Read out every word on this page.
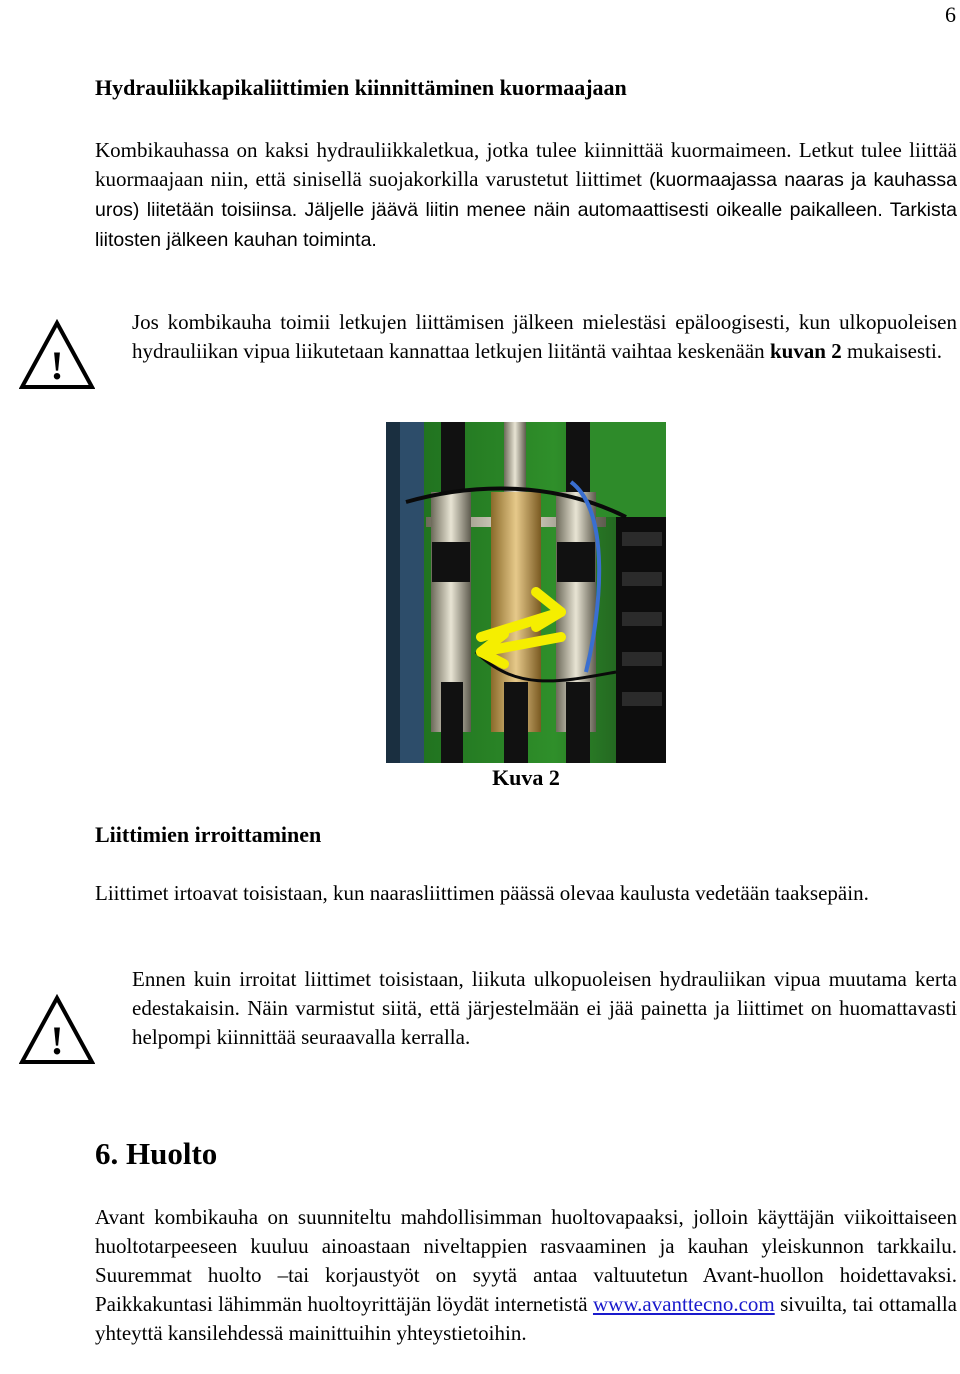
6
Hydrauliikkapikaliittimien kiinnittäminen kuormaajaan
Kombikauhassa on kaksi hydrauliikkaletkua, jotka tulee kiinnittää kuormaimeen. Letkut tulee liittää kuormaajaan niin, että sinisellä suojakorkilla varustetut liittimet (kuormaajassa naaras ja kauhassa uros) liitetään toisiinsa. Jäljelle jäävä liitin menee näin automaattisesti oikealle paikalleen. Tarkista liitosten jälkeen kauhan toiminta.
!
Jos kombikauha toimii letkujen liittämisen jälkeen mielestäsi epäloogisesti, kun ulkopuoleisen hydrauliikan vipua liikutetaan kannattaa letkujen liitäntä vaihtaa keskenään kuvan 2 mukaisesti.
Kuva 2
Liittimien irroittaminen
Liittimet irtoavat toisistaan, kun naarasliittimen päässä olevaa kaulusta vedetään taaksepäin.
!
Ennen kuin irroitat liittimet toisistaan, liikuta ulkopuoleisen hydrauliikan vipua muutama kerta edestakaisin. Näin varmistut siitä, että järjestelmään ei jää painetta ja liittimet on huomattavasti helpompi kiinnittää seuraavalla kerralla.
6. Huolto
Avant kombikauha on suunniteltu mahdollisimman huoltovapaaksi, jolloin käyttäjän viikoittaiseen huoltotarpeeseen kuuluu ainoastaan niveltappien rasvaaminen ja kauhan yleiskunnon tarkkailu. Suuremmat huolto –tai korjaustyöt on syytä antaa valtuutetun Avant-huollon hoidettavaksi. Paikkakuntasi lähimmän huoltoyrittäjän löydät internetistä www.avanttecno.com sivuilta, tai ottamalla yhteyttä kansilehdessä mainittuihin yhteystietoihin.
